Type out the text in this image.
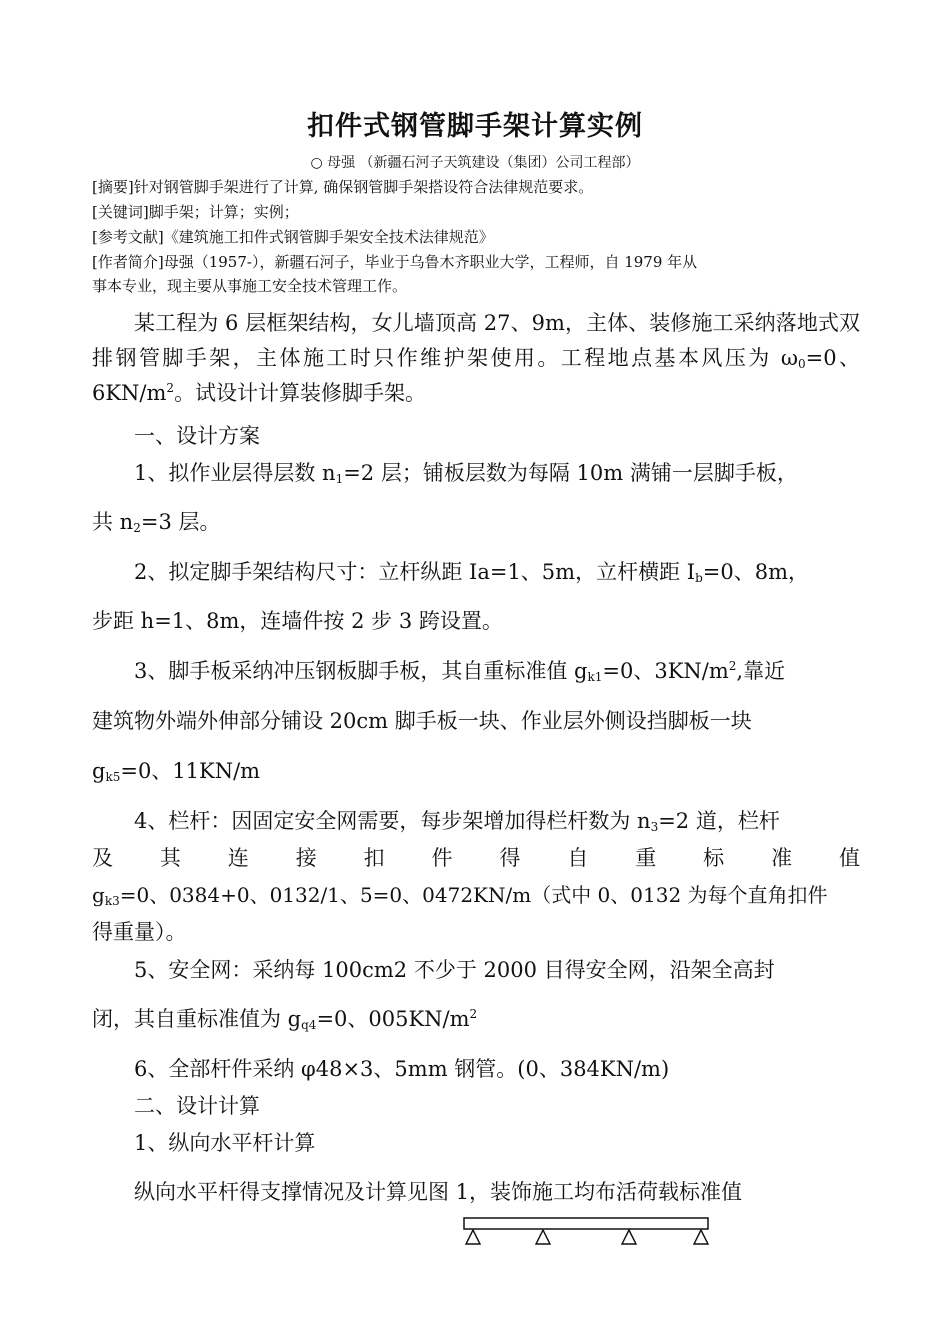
扣件式钢管脚手架计算实例
○ 母强 （新疆石河子天筑建设（集团）公司工程部）
[摘要]针对钢管脚手架进行了计算, 确保钢管脚手架搭设符合法律规范要求。
[关键词]脚手架；计算；实例；
[参考文献]《建筑施工扣件式钢管脚手架安全技术法律规范》
[作者简介]母强（1957-），新疆石河子，毕业于乌鲁木齐职业大学，工程师，自 1979 年从
事本专业，现主要从事施工安全技术管理工作。
某工程为 6 层框架结构，女儿墙顶高 27、9m，主体、装修施工采纳落地式双排钢管脚手架，主体施工时只作维护架使用。工程地点基本风压为 $\omega_0=0$、$6KN/m^2$。试设计计算装修脚手架。
一、设计方案
1、拟作业层得层数 $n_1=2$ 层；铺板层数为每隔 10m 满铺一层脚手板，
共 $n_2=3$ 层。
2、拟定脚手架结构尺寸：立杆纵距 Ia=1、5m，立杆横距 $I_b=0$、8m，
步距 h=1、8m，连墙件按 2 步 3 跨设置。
3、脚手板采纳冲压钢板脚手板，其自重标准值 $g_{k1}=0$、$3KN/m^2$,靠近
建筑物外端外伸部分铺设 20cm 脚手板一块、作业层外侧设挡脚板一块
$g_{k5}=0$、11KN/m
4、栏杆：因固定安全网需要，每步架增加得栏杆数为 $n_3=2$ 道，栏杆
及 其 连 接 扣 件 得 自 重 标 准 值
$g_{k3}=0$、0384+0、0132/1、5=0、0472KN/m（式中 0、0132 为每个直角扣件
得重量）。
5、安全网：采纳每 100cm2 不少于 2000 目得安全网，沿架全高封
闭，其自重标准值为 $g_{q4}=0$、$005KN/m^2$
6、全部杆件采纳 φ48×3、5mm 钢管。(0、384KN/m)
二、设计计算
1、纵向水平杆计算
纵向水平杆得支撑情况及计算见图 1，装饰施工均布活荷载标准值
